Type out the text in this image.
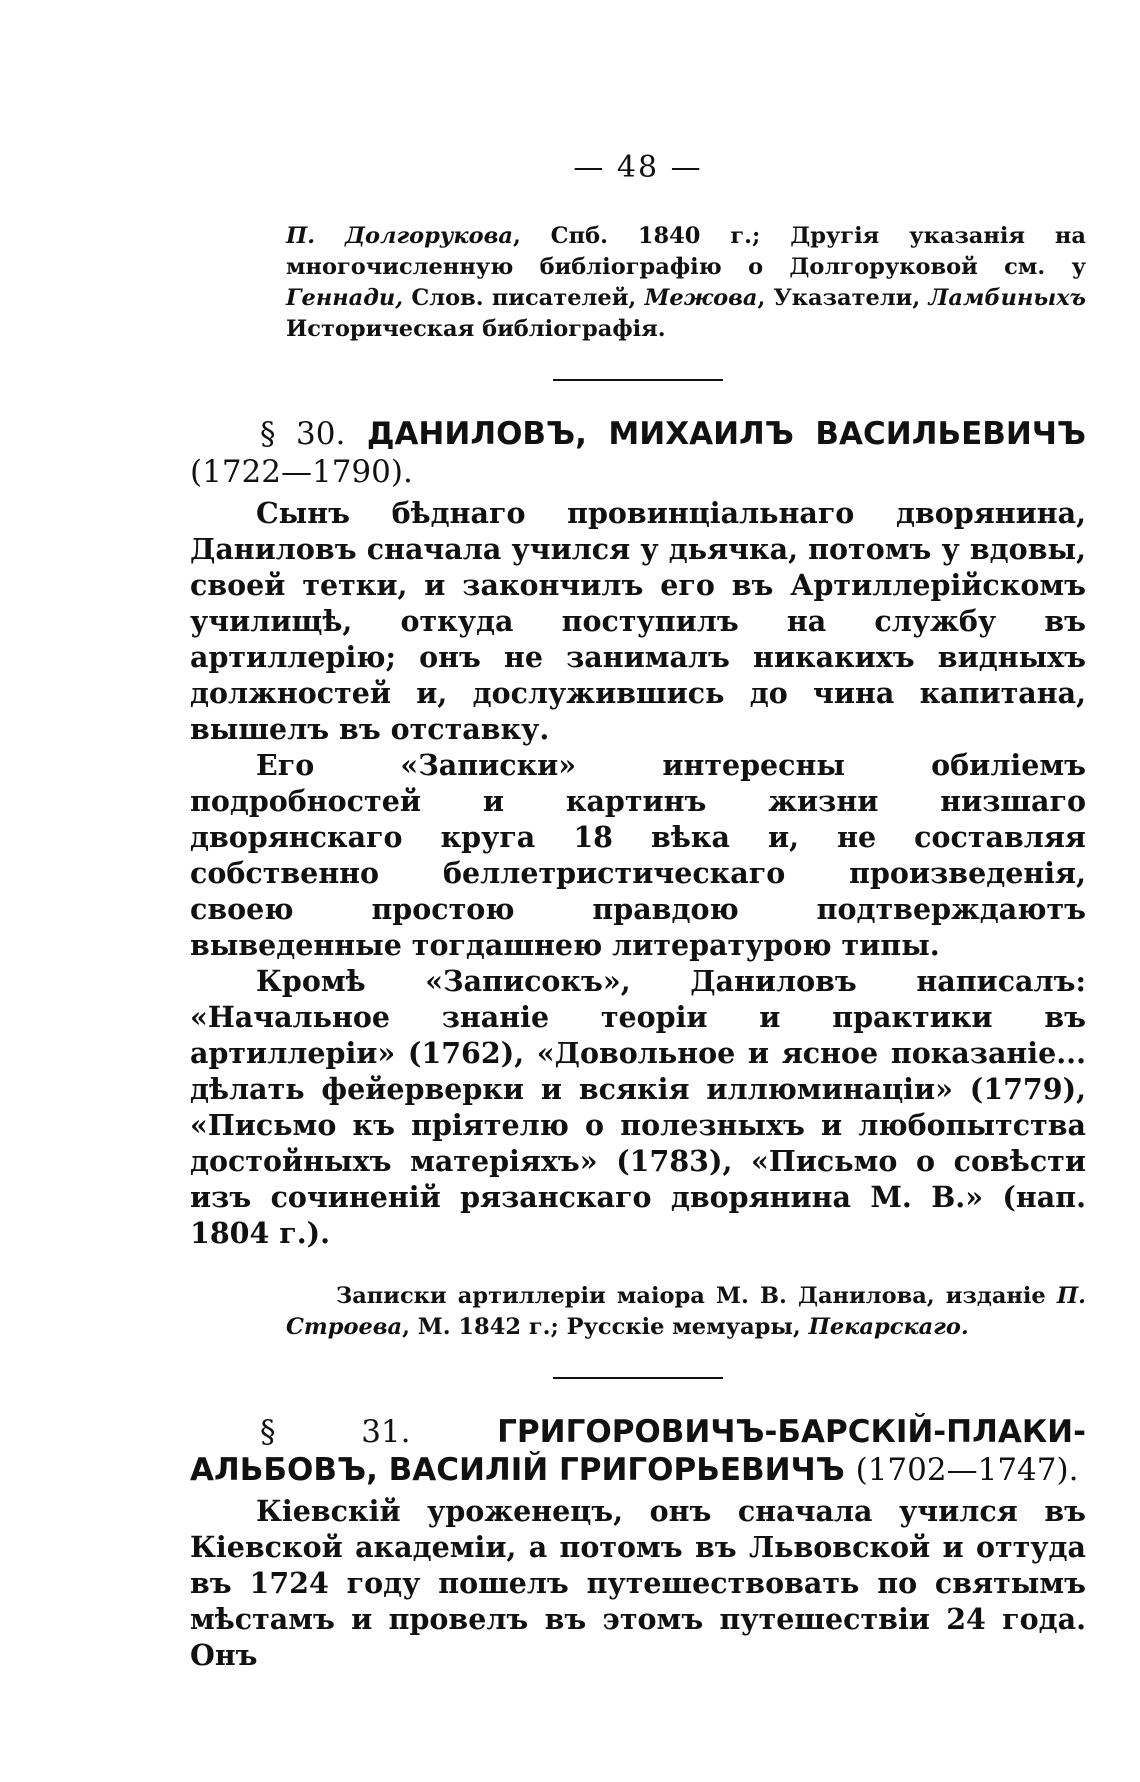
— 48 —

П. Долгорукова, Спб. 1840 г.; Другія указанія на многочисленную библіографію о Долгоруковой см. у Геннади, Слов. писателей, Межова, Указатели, Ламбиныхъ Историческая библіографія.

§ 30. ДАНИЛОВЪ, МИХАИЛЪ ВАСИЛЬЕВИЧЪ (1722—1790).

Сынъ бѣднаго провинціальнаго дворянина, Даниловъ сначала учился у дьячка, потомъ у вдовы, своей тетки, и закончилъ его въ Артиллерійскомъ училищѣ, откуда поступилъ на службу въ артиллерію; онъ не занималъ никакихъ видныхъ должностей и, дослужившись до чина капитана, вышелъ въ отставку.

Его «Записки» интересны обиліемъ подробностей и картинъ жизни низшаго дворянскаго круга 18 вѣка и, не составляя собственно беллетристическаго произведенія, своею простою правдою подтверждаютъ выведенные тогдашнею литературою типы.

Кромѣ «Записокъ», Даниловъ написалъ: «Начальное знаніе теоріи и практики въ артиллеріи» (1762), «Довольное и ясное показаніе... дѣлать фейерверки и всякія иллюминаціи» (1779), «Письмо къ пріятелю о полезныхъ и любопытства достойныхъ матеріяхъ» (1783), «Письмо о совѣсти изъ сочиненій рязанскаго дворянина М. В.» (нап. 1804 г.).

Записки артиллеріи маіора М. В. Данилова, изданіе П. Строева, М. 1842 г.; Русскіе мемуары, Пекарскаго.

§ 31.	ГРИГОРОВИЧЪ-БАРСКІЙ-ПЛАКИ-АЛЬБОВЪ, ВАСИЛІЙ ГРИГОРЬЕВИЧЪ (1702—1747).

Кіевскій уроженецъ, онъ сначала учился въ Кіевской академіи, а потомъ въ Львовской и оттуда въ 1724 году пошелъ путешествовать по святымъ мѣстамъ и провелъ въ этомъ путешествіи 24 года. Онъ
